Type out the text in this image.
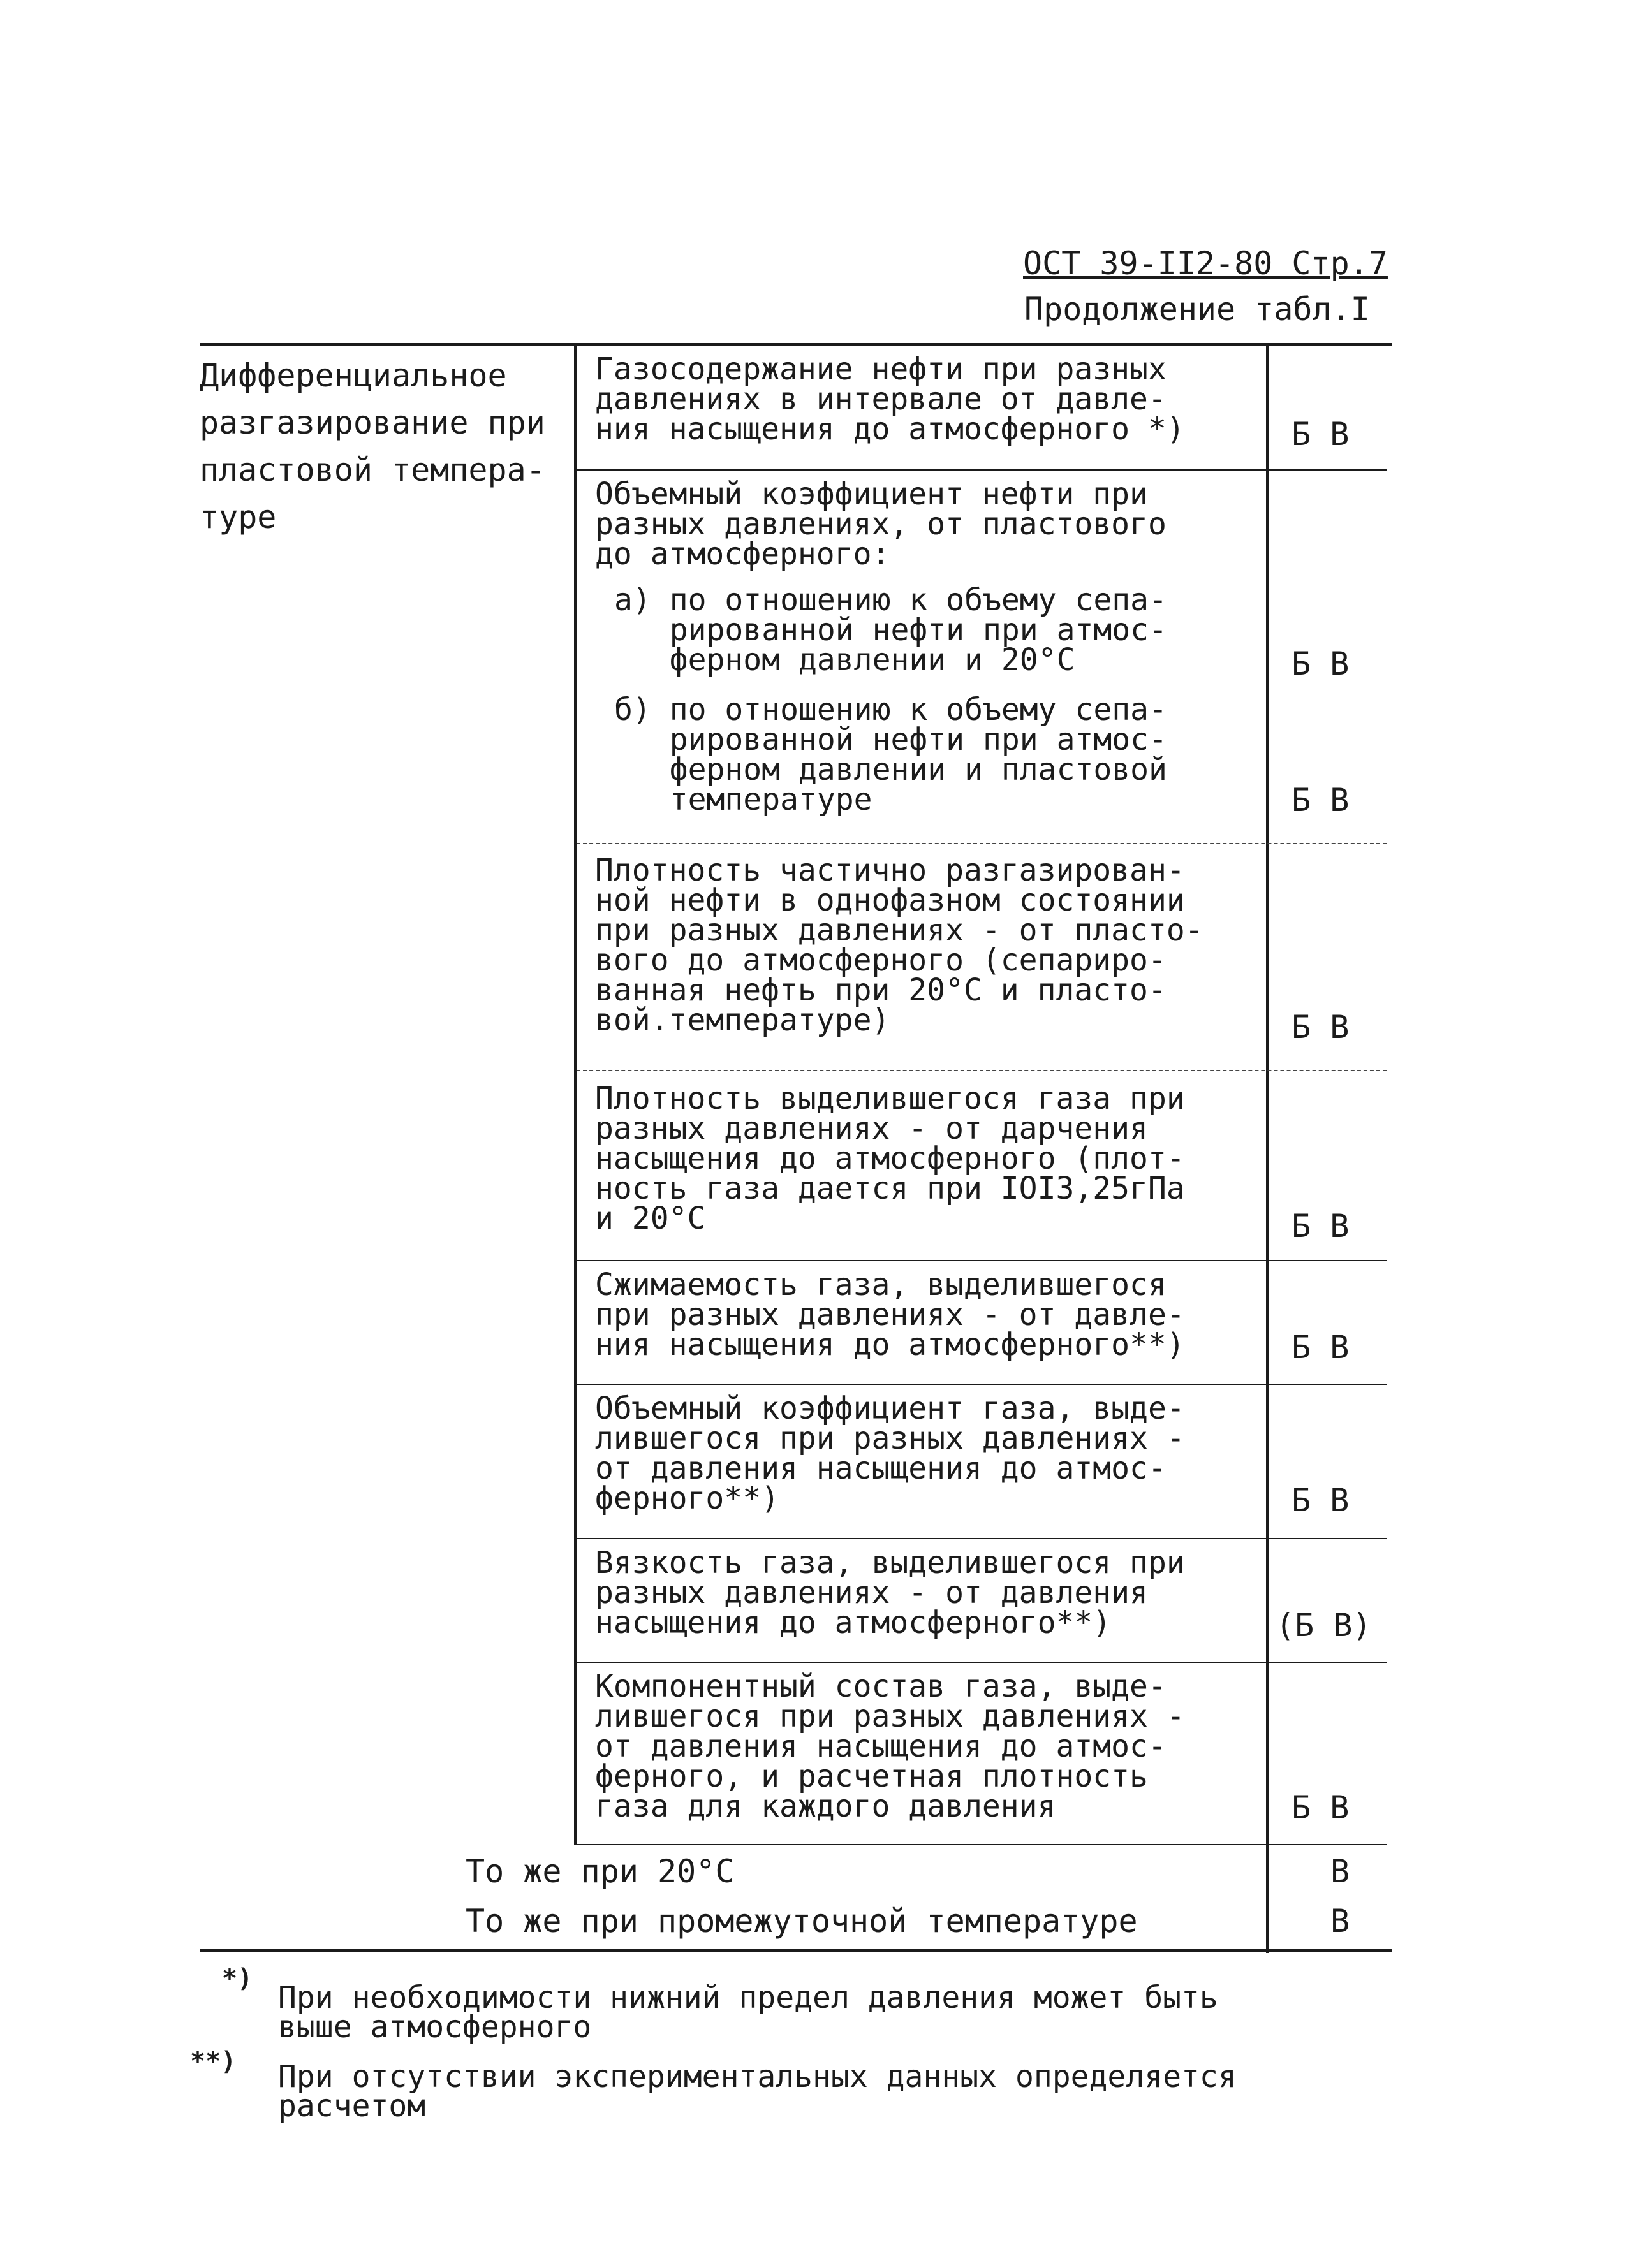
ОСТ 39-II2-80 Стр.7
Продолжение табл.I
Дифференциальное
разгазирование при
пластовой темпера-
туре
Газосодержание нефти при разных
давлениях в интервале от давле-
ния насыщения до атмосферного *)	Б В
Объемный коэффициент нефти при
разных давлениях, от пластового
до атмосферного:
а) по отношению к объему сепа-
рированной нефти при атмос-
ферном давлении и 20°С	Б В
б) по отношению к объему сепа-
рированной нефти при атмос-
ферном давлении и пластовой
температуре	Б В
Плотность частично разгазирован-
ной нефти в однофазном состоянии
при разных давлениях - от пласто-
вого до атмосферного (сепариро-
ванная нефть при 20°С и пласто-
вой.температуре)	Б В
Плотность выделившегося газа при
разных давлениях - от дарчения
насыщения до атмосферного (плот-
ность газа дается при IOI3,25гПа
и 20°С	Б В
Сжимаемость газа, выделившегося
при разных давлениях - от давле-
ния насыщения до атмосферного**)	Б В
Объемный коэффициент газа, выде-
лившегося при разных давлениях -
от давления насыщения до атмос-
ферного**)	Б В
Вязкость газа, выделившегося при
разных давлениях - от давления
насыщения до атмосферного**)	(Б В)
Компонентный состав газа, выде-
лившегося при разных давлениях -
от давления насыщения до атмос-
ферного, и расчетная плотность
газа для каждого давления	Б В
То же при 20°С	В
То же при промежуточной температуре	В
*)
При необходимости нижний предел давления может быть
выше атмосферного
**) При отсутствии экспериментальных данных определяется
расчетом
